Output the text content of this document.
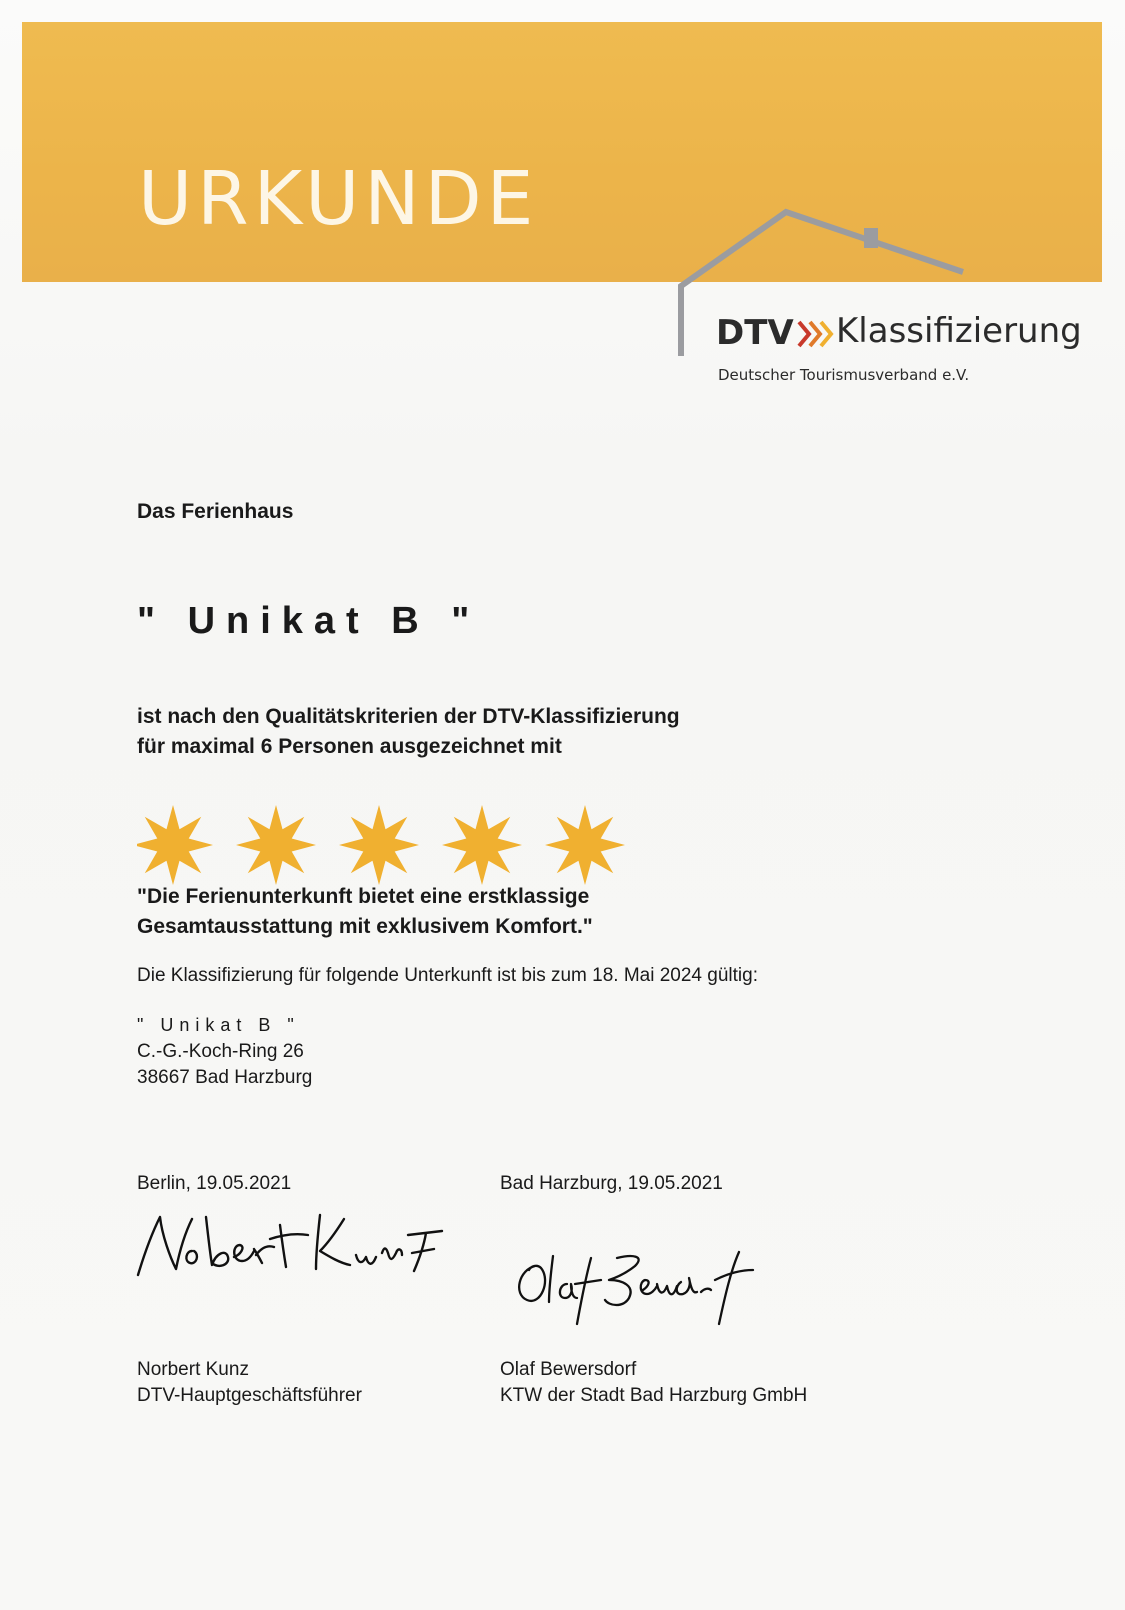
URKUNDE
DTV Klassifizierung
Deutscher Tourismusverband e.V.
Das Ferienhaus
" Unikat B "
ist nach den Qualitätskriterien der DTV-Klassifizierung
für maximal 6 Personen ausgezeichnet mit
"Die Ferienunterkunft bietet eine erstklassige
Gesamtausstattung mit exklusivem Komfort."
Die Klassifizierung für folgende Unterkunft ist bis zum 18. Mai 2024 gültig:
" Unikat B "
C.-G.-Koch-Ring 26
38667 Bad Harzburg
Berlin, 19.05.2021	Bad Harzburg, 19.05.2021
Norbert Kunz
DTV-Hauptgeschäftsführer
Olaf Bewersdorf
KTW der Stadt Bad Harzburg GmbH
